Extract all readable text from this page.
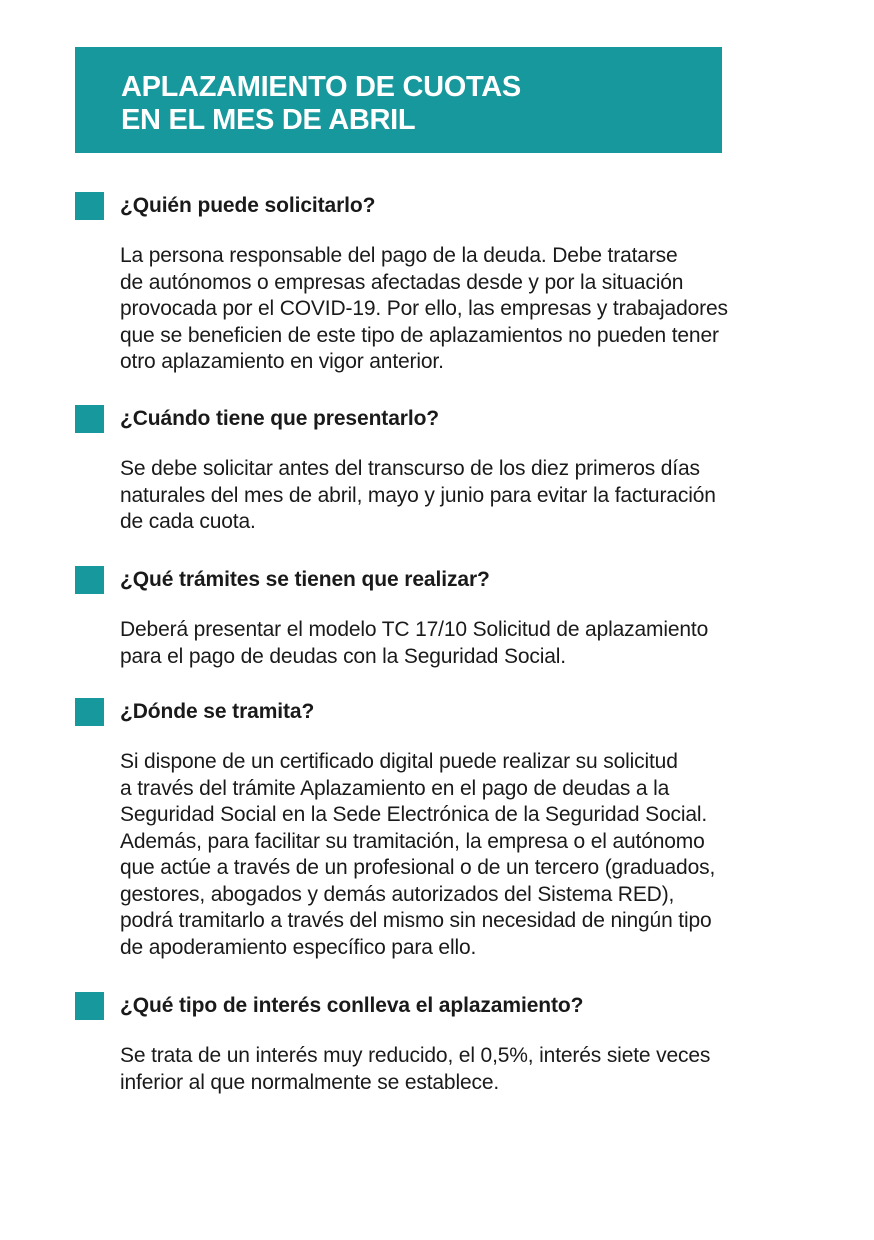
APLAZAMIENTO DE CUOTAS
EN EL MES DE ABRIL
¿Quién puede solicitarlo?

La persona responsable del pago de la deuda. Debe tratarse
de autónomos o empresas afectadas desde y por la situación
provocada por el COVID-19. Por ello, las empresas y trabajadores
que se beneficien de este tipo de aplazamientos no pueden tener
otro aplazamiento en vigor anterior.

¿Cuándo tiene que presentarlo?

Se debe solicitar antes del transcurso de los diez primeros días
naturales del mes de abril, mayo y junio para evitar la facturación
de cada cuota.

¿Qué trámites se tienen que realizar?

Deberá presentar el modelo TC 17/10 Solicitud de aplazamiento
para el pago de deudas con la Seguridad Social.

¿Dónde se tramita?

Si dispone de un certificado digital puede realizar su solicitud
a través del trámite Aplazamiento en el pago de deudas a la
Seguridad Social en la Sede Electrónica de la Seguridad Social.
Además, para facilitar su tramitación, la empresa o el autónomo
que actúe a través de un profesional o de un tercero (graduados,
gestores, abogados y demás autorizados del Sistema RED),
podrá tramitarlo a través del mismo sin necesidad de ningún tipo
de apoderamiento específico para ello.

¿Qué tipo de interés conlleva el aplazamiento?

Se trata de un interés muy reducido, el 0,5%, interés siete veces
inferior al que normalmente se establece.
